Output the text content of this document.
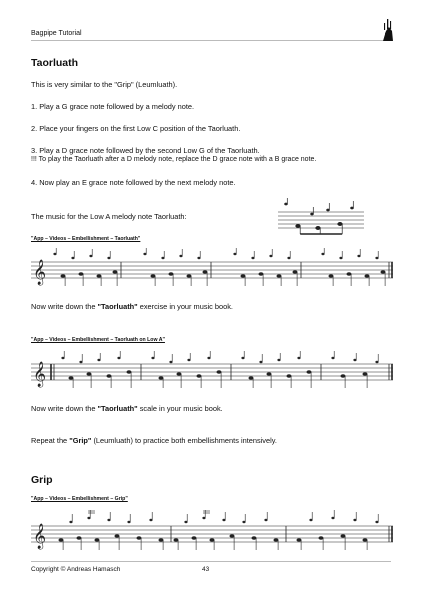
Bagpipe Tutorial
Taorluath
This is very similar to the "Grip" (Leumluath).
1. Play a G grace note followed by a melody note.
2. Place your fingers on the first Low C position of the Taorluath.
3. Play a D grace note followed by the second Low G of the Taorluath.
!!! To play the Taorluath after a D melody note, replace the D grace note with a B grace note.
4. Now play an E grace note followed by the next melody note.
The music for the Low A melody note Taorluath:
"App – Videos – Embellishment – Taorluath"
𝄞
Now write down the "Taorluath" exercise in your music book.
"App – Videos – Embellishment – Taorluath on Low A"
𝄞
Now write down the "Taorluath" scale in your music book.
Repeat the "Grip" (Leumluath) to practice both embellishments intensively.
Grip
"App – Videos – Embellishment – Grip"
𝄞
Copyright © Andreas Hamasch	43
